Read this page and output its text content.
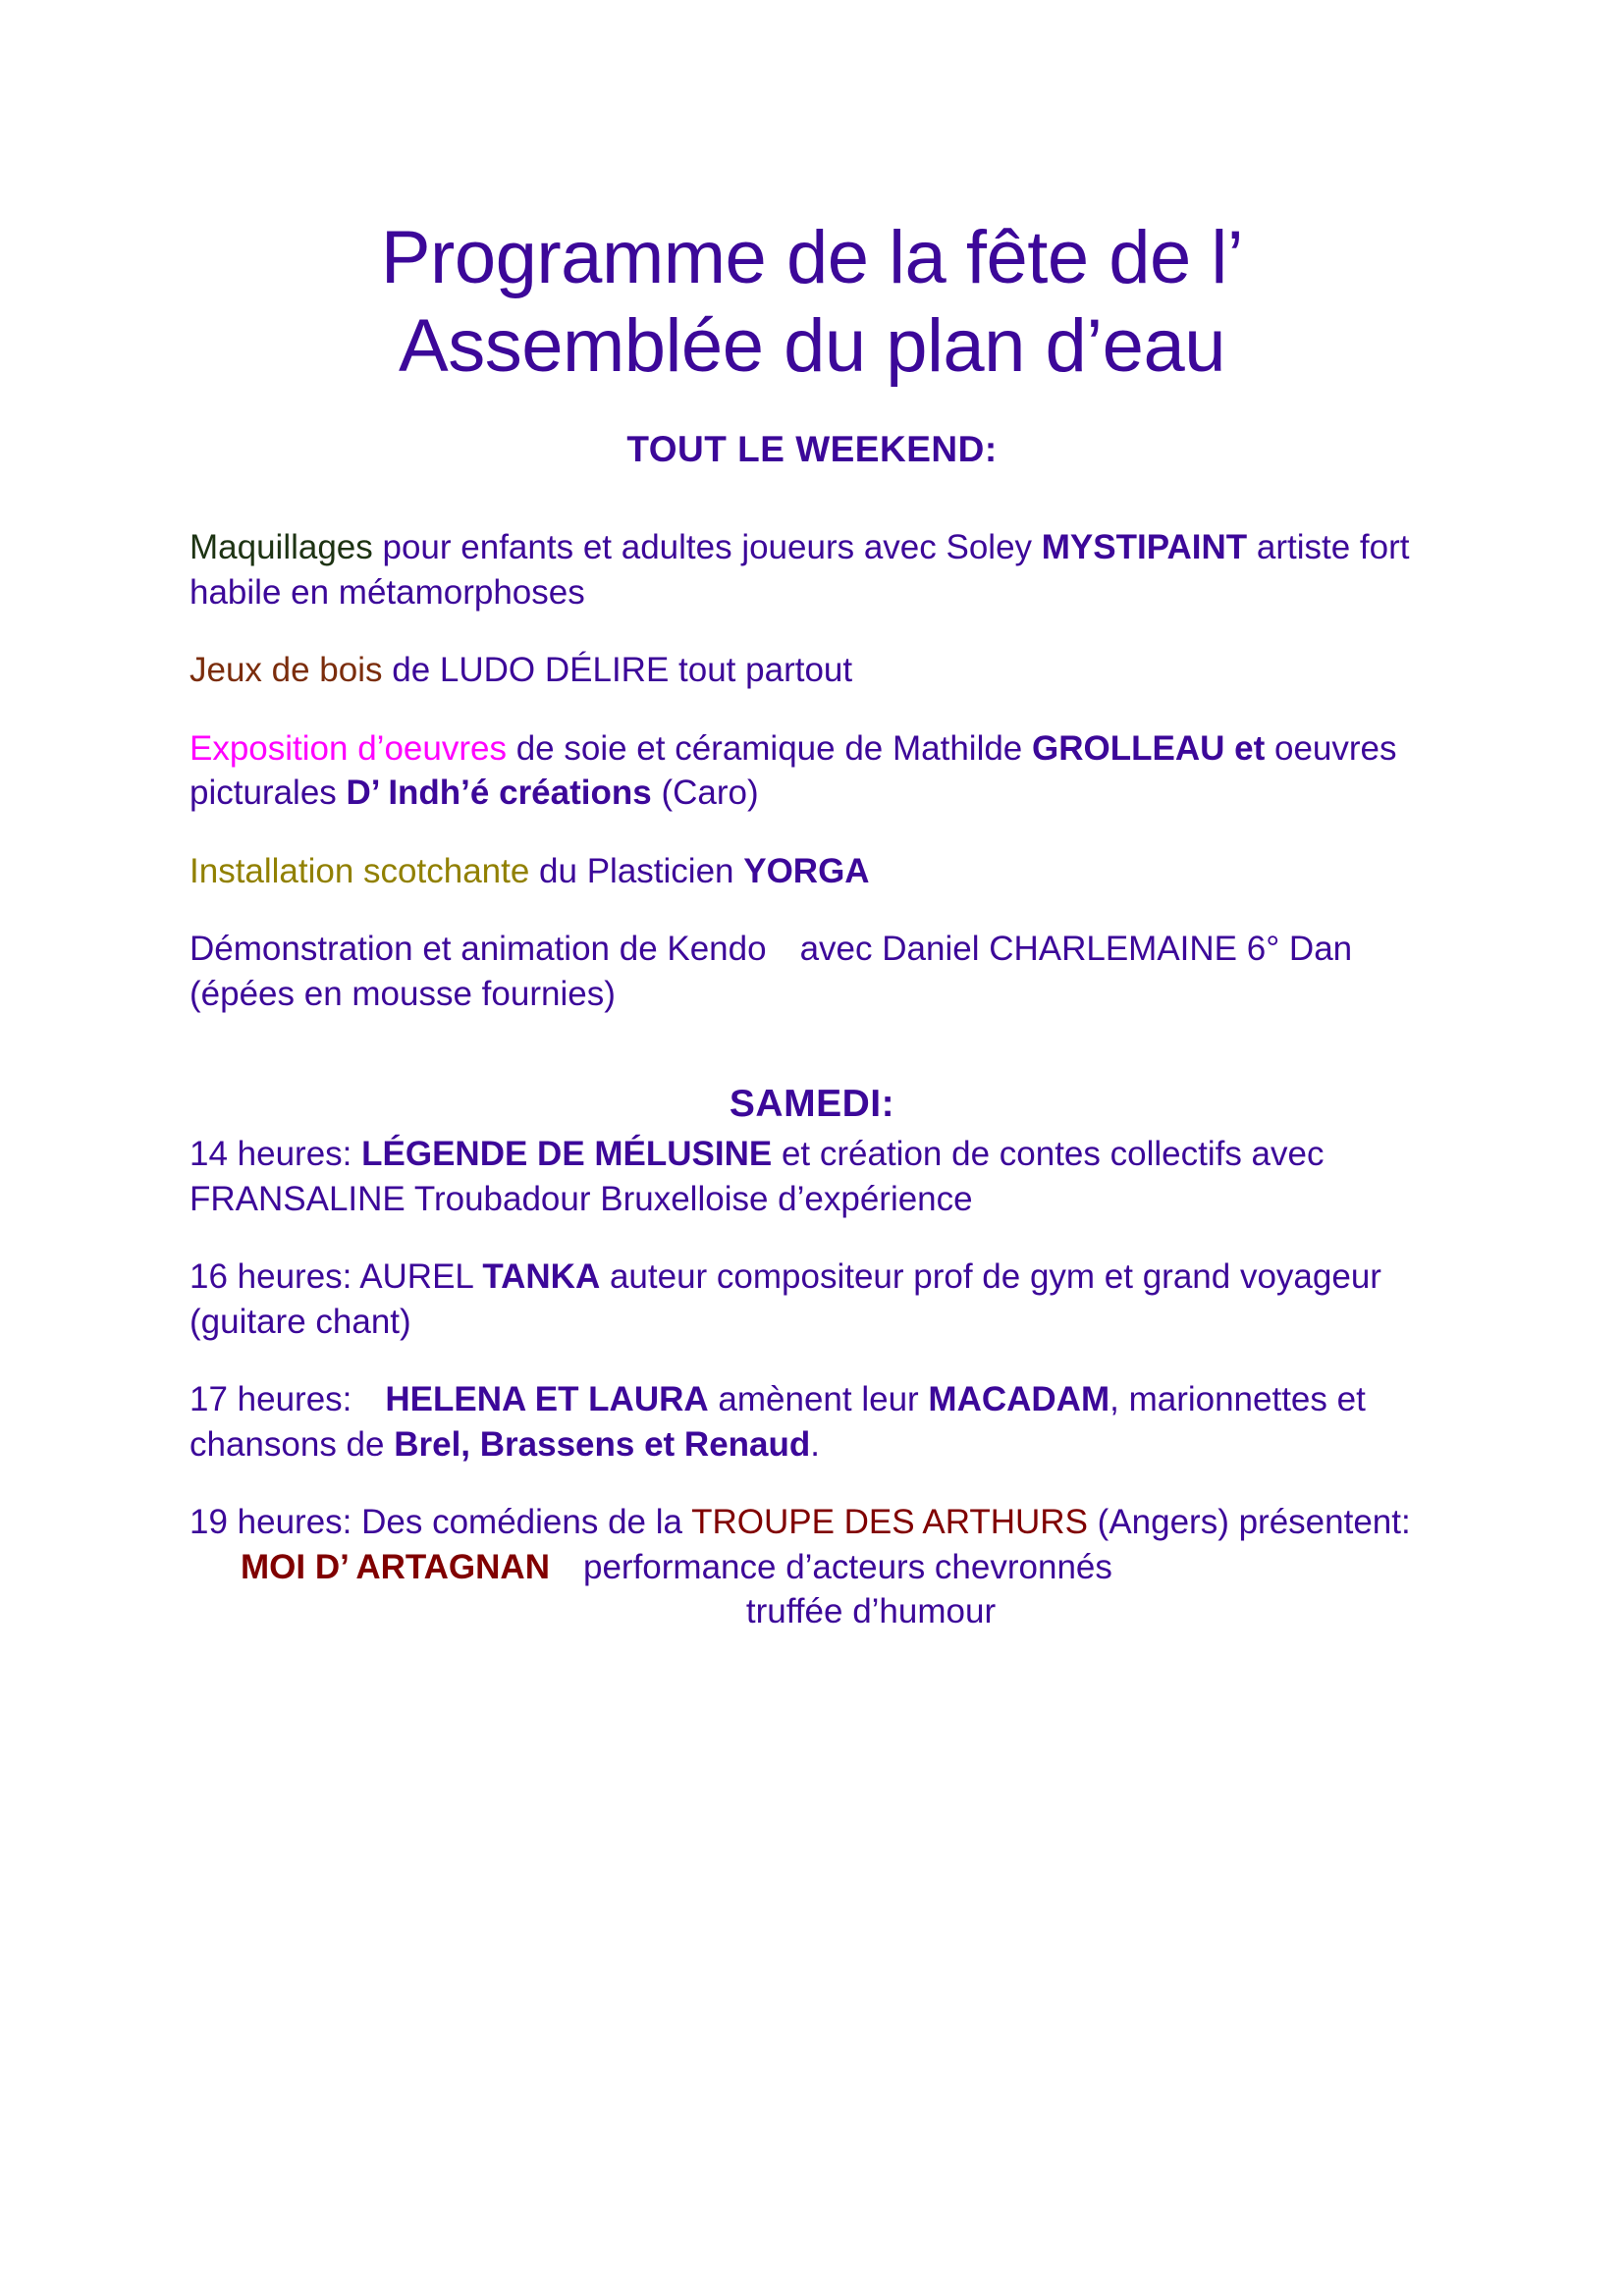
Programme de la fête de l’
Assemblée du plan d’eau
TOUT LE WEEKEND:

Maquillages pour enfants et adultes joueurs avec Soley MYSTIPAINT artiste fort habile en métamorphoses

Jeux de bois de LUDO DÉLIRE tout partout

Exposition d’oeuvres de soie et céramique de Mathilde GROLLEAU et oeuvres picturales D’ Indh’é créations (Caro)

Installation scotchante du Plasticien YORGA

Démonstration et animation de Kendo avec Daniel CHARLEMAINE 6° Dan (épées en mousse fournies)

SAMEDI:

14 heures: LÉGENDE DE MÉLUSINE et création de contes collectifs avec FRANSALINE Troubadour Bruxelloise d’expérience

16 heures: AUREL TANKA auteur compositeur prof de gym et grand voyageur (guitare chant)

17 heures: HELENA ET LAURA amènent leur MACADAM, marionnettes et chansons de Brel, Brassens et Renaud.

19 heures: Des comédiens de la TROUPE DES ARTHURS (Angers) présentent:
MOI D’ ARTAGNAN performance d’acteurs chevronnés
truffée d’humour
